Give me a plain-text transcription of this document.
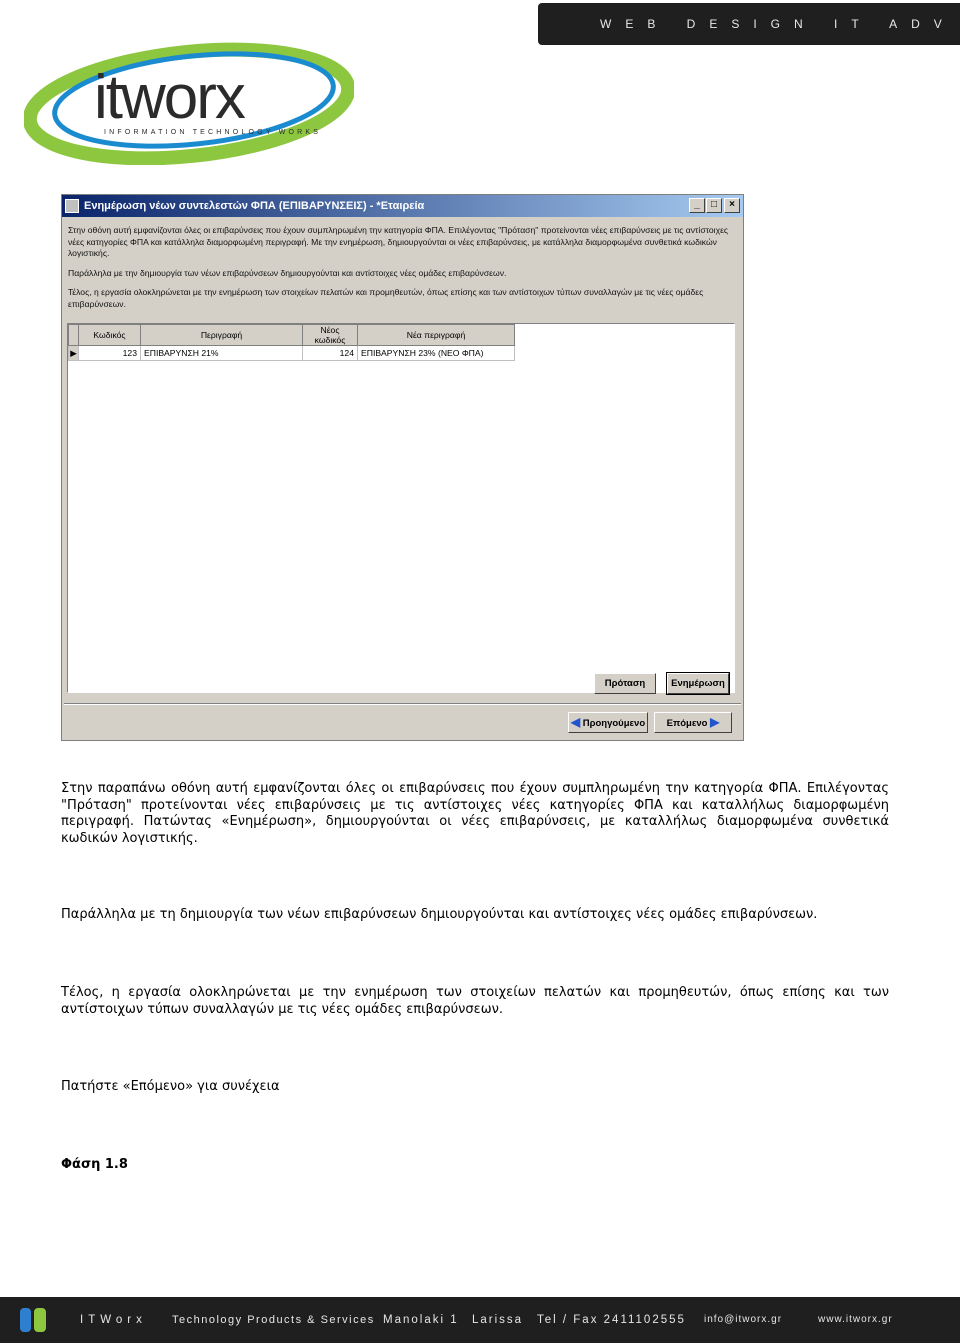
WEB DESIGN IT ADV
itworx
INFORMATION TECHNOLOGY WORKS
Ενημέρωση νέων συντελεστών ΦΠΑ (ΕΠΙΒΑΡΥΝΣΕΙΣ) - *Εταιρεία	_	□	×

Στην οθόνη αυτή εμφανίζονται όλες οι επιβαρύνσεις που έχουν συμπληρωμένη την κατηγορία ΦΠΑ. Επιλέγοντας "Πρόταση" προτείνονται νέες επιβαρύνσεις με τις αντίστοιχες νέες κατηγορίες ΦΠΑ και κατάλληλα διαμορφωμένη περιγραφή. Με την ενημέρωση, δημιουργούνται οι νέες επιβαρύνσεις, με κατάλληλα διαμορφωμένα συνθετικά κωδικών λογιστικής.

Παράλληλα με την δημιουργία των νέων επιβαρύνσεων δημιουργούνται και αντίστοιχες νέες ομάδες επιβαρύνσεων.

Τέλος, η εργασία ολοκληρώνεται με την ενημέρωση των στοιχείων πελατών και προμηθευτών, όπως επίσης και των αντίστοιχων τύπων συναλλαγών με τις νέες ομάδες επιβαρύνσεων.

	Κωδικός	Περιγραφή	Νέος κωδικός	Νέα περιγραφή
▶	123	ΕΠΙΒΑΡΥΝΣΗ 21%	124	ΕΠΙΒΑΡΥΝΣΗ 23% (ΝΕΟ ΦΠΑ)
Πρόταση	Ενημέρωση
◀ Προηγούμενο	Επόμενο ▶
Στην παραπάνω οθόνη αυτή εμφανίζονται όλες οι επιβαρύνσεις που έχουν συμπληρωμένη την κατηγορία ΦΠΑ. Επιλέγοντας "Πρόταση" προτείνονται νέες επιβαρύνσεις με τις αντίστοιχες νέες κατηγορίες ΦΠΑ και καταλλήλως διαμορφωμένη περιγραφή. Πατώντας «Ενημέρωση», δημιουργούνται οι νέες επιβαρύνσεις, με καταλλήλως διαμορφωμένα συνθετικά κωδικών λογιστικής.
Παράλληλα με τη δημιουργία των νέων επιβαρύνσεων δημιουργούνται και αντίστοιχες νέες ομάδες επιβαρύνσεων.
Τέλος, η εργασία ολοκληρώνεται με την ενημέρωση των στοιχείων πελατών και προμηθευτών, όπως επίσης και των αντίστοιχων τύπων συναλλαγών με τις νέες ομάδες επιβαρύνσεων.
Πατήστε «Επόμενο» για συνέχεια
Φάση 1.8
ITWorx Technology Products & Services Manolaki 1 Larissa Tel / Fax 2411102555 info@itworx.gr	www.itworx.gr
